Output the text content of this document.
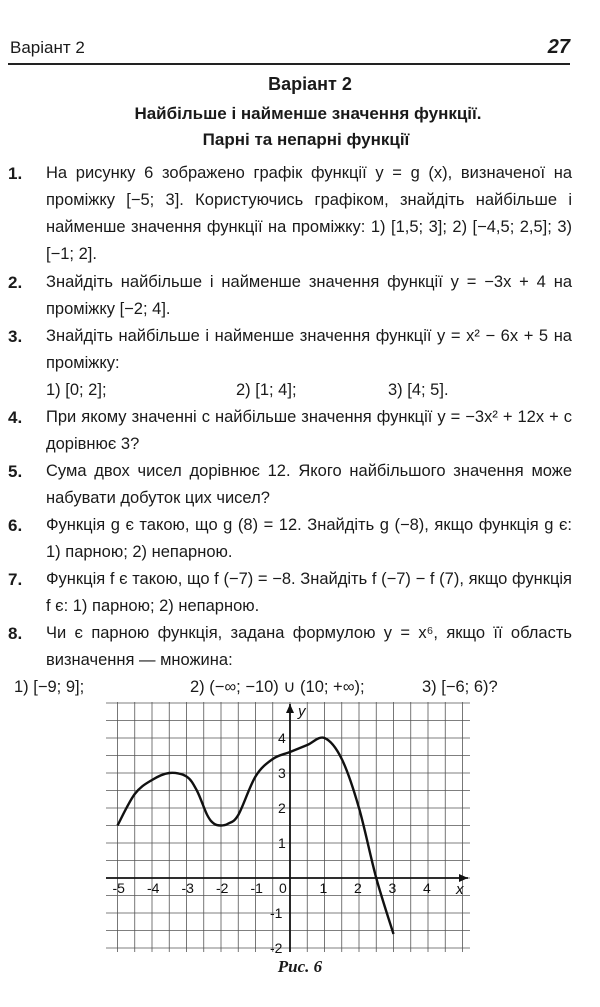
Варіант 2	27
Варіант 2
Найбільше і найменше значення функції.
Парні та непарні функції
1. На рисунку 6 зображено графік функції y = g (x), визначеної на проміжку [−5; 3]. Користуючись графіком, знайдіть найбільше і найменше значення функції на проміжку: 1) [1,5; 3]; 2) [−4,5; 2,5]; 3) [−1; 2].
2. Знайдіть найбільше і найменше значення функції y = −3x + 4 на проміжку [−2; 4].
3. Знайдіть найбільше і найменше значення функції y = x² − 6x + 5 на проміжку:
1) [0; 2];	2) [1; 4];	3) [4; 5].
4. При якому значенні c найбільше значення функції y = −3x² + 12x + c дорівнює 3?
5. Сума двох чисел дорівнює 12. Якого найбільшого значення може набувати добуток цих чисел?
6. Функція g є такою, що g (8) = 12. Знайдіть g (−8), якщо функція g є: 1) парною; 2) непарною.
7. Функція f є такою, що f (−7) = −8. Знайдіть f (−7) − f (7), якщо функція f є: 1) парною; 2) непарною.
8. Чи є парною функція, задана формулою y = x⁶, якщо її область визначення — множина:
1) [−9; 9];	2) (−∞; −10) ∪ (10; +∞);	3) [−6; 6)?
x
y
-5 -4 -3 -2 -1 0 1 2 3 4
-2
-1
1
2
3
4
Рис. 6
